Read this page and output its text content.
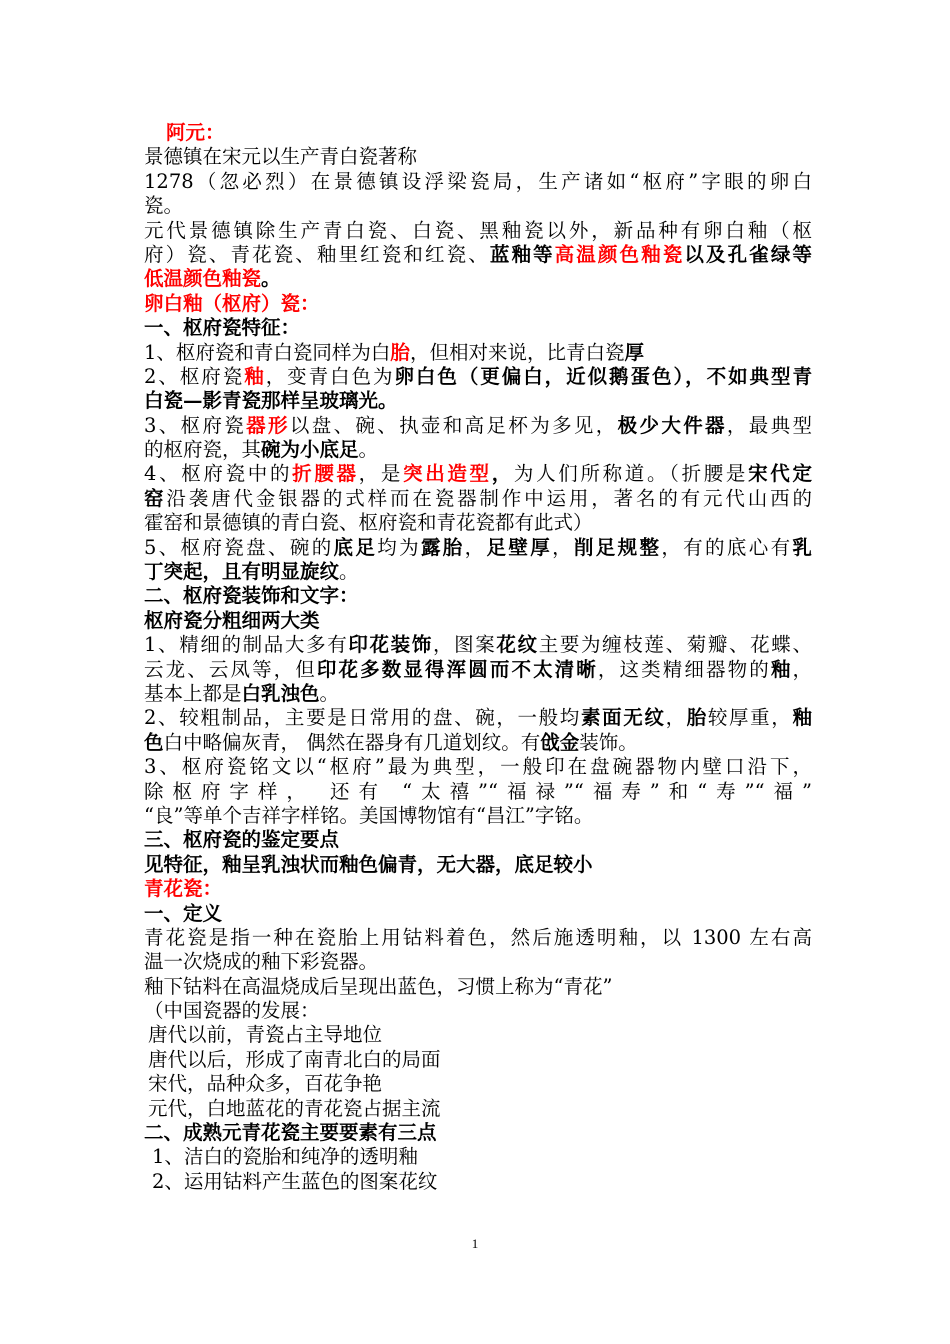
阿元：
景德镇在宋元以生产青白瓷著称
1278（忽必烈）在景德镇设浮梁瓷局，生产诸如“枢府”字眼的卵白
瓷。
元代景德镇除生产青白瓷、白瓷、黑釉瓷以外，新品种有卵白釉（枢
府）瓷、青花瓷、釉里红瓷和红瓷、蓝釉等高温颜色釉瓷以及孔雀绿等
低温颜色釉瓷。
卵白釉（枢府）瓷：
一、枢府瓷特征：
1、枢府瓷和青白瓷同样为白胎，但相对来说，比青白瓷厚
2、枢府瓷釉，变青白色为卵白色（更偏白，近似鹅蛋色），不如典型青
白瓷—影青瓷那样呈玻璃光。
3、枢府瓷器形以盘、碗、执壶和高足杯为多见，极少大件器，最典型
的枢府瓷，其碗为小底足。
4、枢府瓷中的折腰器，是突出造型，为人们所称道。（折腰是宋代定
窑沿袭唐代金银器的式样而在瓷器制作中运用，著名的有元代山西的
霍窑和景德镇的青白瓷、枢府瓷和青花瓷都有此式）
5、枢府瓷盘、碗的底足均为露胎，足壁厚，削足规整，有的底心有乳
丁突起，且有明显旋纹。
二、枢府瓷装饰和文字：
枢府瓷分粗细两大类
1、精细的制品大多有印花装饰，图案花纹主要为缠枝莲、菊瓣、花蝶、
云龙、云凤等，但印花多数显得浑圆而不太清晰，这类精细器物的釉，
基本上都是白乳浊色。
2、较粗制品，主要是日常用的盘、碗，一般均素面无纹，胎较厚重，釉
色白中略偏灰青， 偶然在器身有几道划纹。有戗金装饰。
3、枢府瓷铭文以“枢府”最为典型，一般印在盘碗器物内壁口沿下，
除枢府字样， 还有 “太禧”“福禄”“福寿”和“寿”“福”
“良”等单个吉祥字样铭。美国博物馆有“昌江”字铭。
三、枢府瓷的鉴定要点
见特征，釉呈乳浊状而釉色偏青，无大器，底足较小
青花瓷：
一、定义
青花瓷是指一种在瓷胎上用钴料着色，然后施透明釉，以 1300 左右高
温一次烧成的釉下彩瓷器。
釉下钴料在高温烧成后呈现出蓝色，习惯上称为“青花”
（中国瓷器的发展：
唐代以前，青瓷占主导地位
唐代以后，形成了南青北白的局面
宋代，品种众多，百花争艳
元代，白地蓝花的青花瓷占据主流
二、成熟元青花瓷主要要素有三点
1、洁白的瓷胎和纯净的透明釉
2、运用钴料产生蓝色的图案花纹
1
